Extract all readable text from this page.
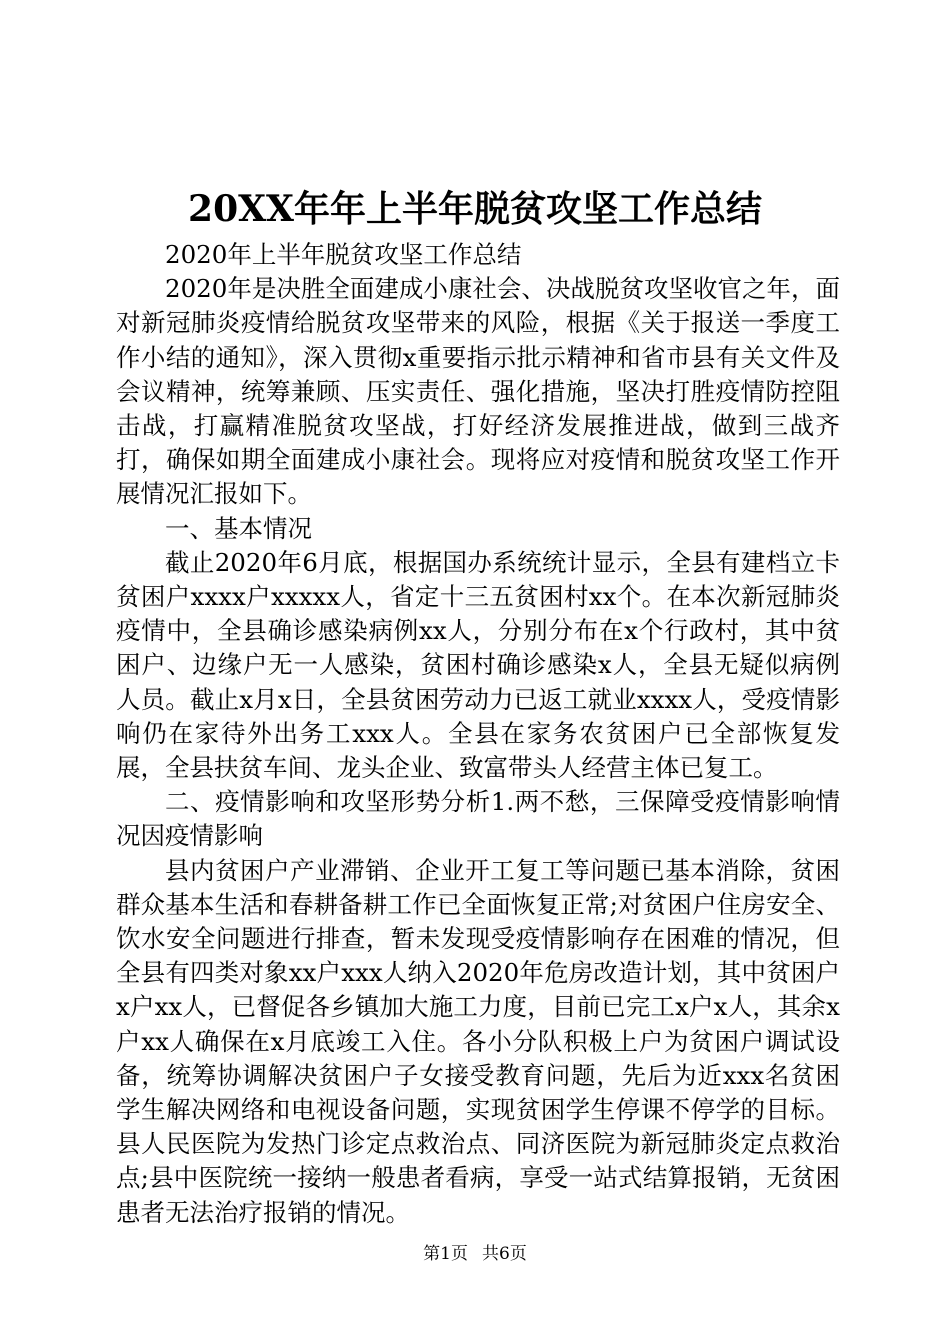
20XX年年上半年脱贫攻坚工作总结

2020年上半年脱贫攻坚工作总结

2020年是决胜全面建成小康社会、决战脱贫攻坚收官之年，面对新冠肺炎疫情给脱贫攻坚带来的风险，根据《关于报送一季度工作小结的通知》，深入贯彻x重要指示批示精神和省市县有关文件及会议精神，统筹兼顾、压实责任、强化措施，坚决打胜疫情防控阻击战，打赢精准脱贫攻坚战，打好经济发展推进战，做到三战齐打，确保如期全面建成小康社会。现将应对疫情和脱贫攻坚工作开展情况汇报如下。

一、基本情况

截止2020年6月底，根据国办系统统计显示，全县有建档立卡贫困户xxxx户xxxxx人，省定十三五贫困村xx个。在本次新冠肺炎疫情中，全县确诊感染病例xx人，分别分布在x个行政村，其中贫困户、边缘户无一人感染，贫困村确诊感染x人，全县无疑似病例人员。截止x月x日，全县贫困劳动力已返工就业xxxx人，受疫情影响仍在家待外出务工xxx人。全县在家务农贫困户已全部恢复发展，全县扶贫车间、龙头企业、致富带头人经营主体已复工。

二、疫情影响和攻坚形势分析1.两不愁，三保障受疫情影响情况因疫情影响

县内贫困户产业滞销、企业开工复工等问题已基本消除，贫困群众基本生活和春耕备耕工作已全面恢复正常;对贫困户住房安全、饮水安全问题进行排查，暂未发现受疫情影响存在困难的情况，但全县有四类对象xx户xxx人纳入2020年危房改造计划，其中贫困户x户xx人，已督促各乡镇加大施工力度，目前已完工x户x人，其余x户xx人确保在x月底竣工入住。各小分队积极上户为贫困户调试设备，统筹协调解决贫困户子女接受教育问题，先后为近xxx名贫困学生解决网络和电视设备问题，实现贫困学生停课不停学的目标。县人民医院为发热门诊定点救治点、同济医院为新冠肺炎定点救治点;县中医院统一接纳一般患者看病，享受一站式结算报销，无贫困患者无法治疗报销的情况。

第1页 共6页
